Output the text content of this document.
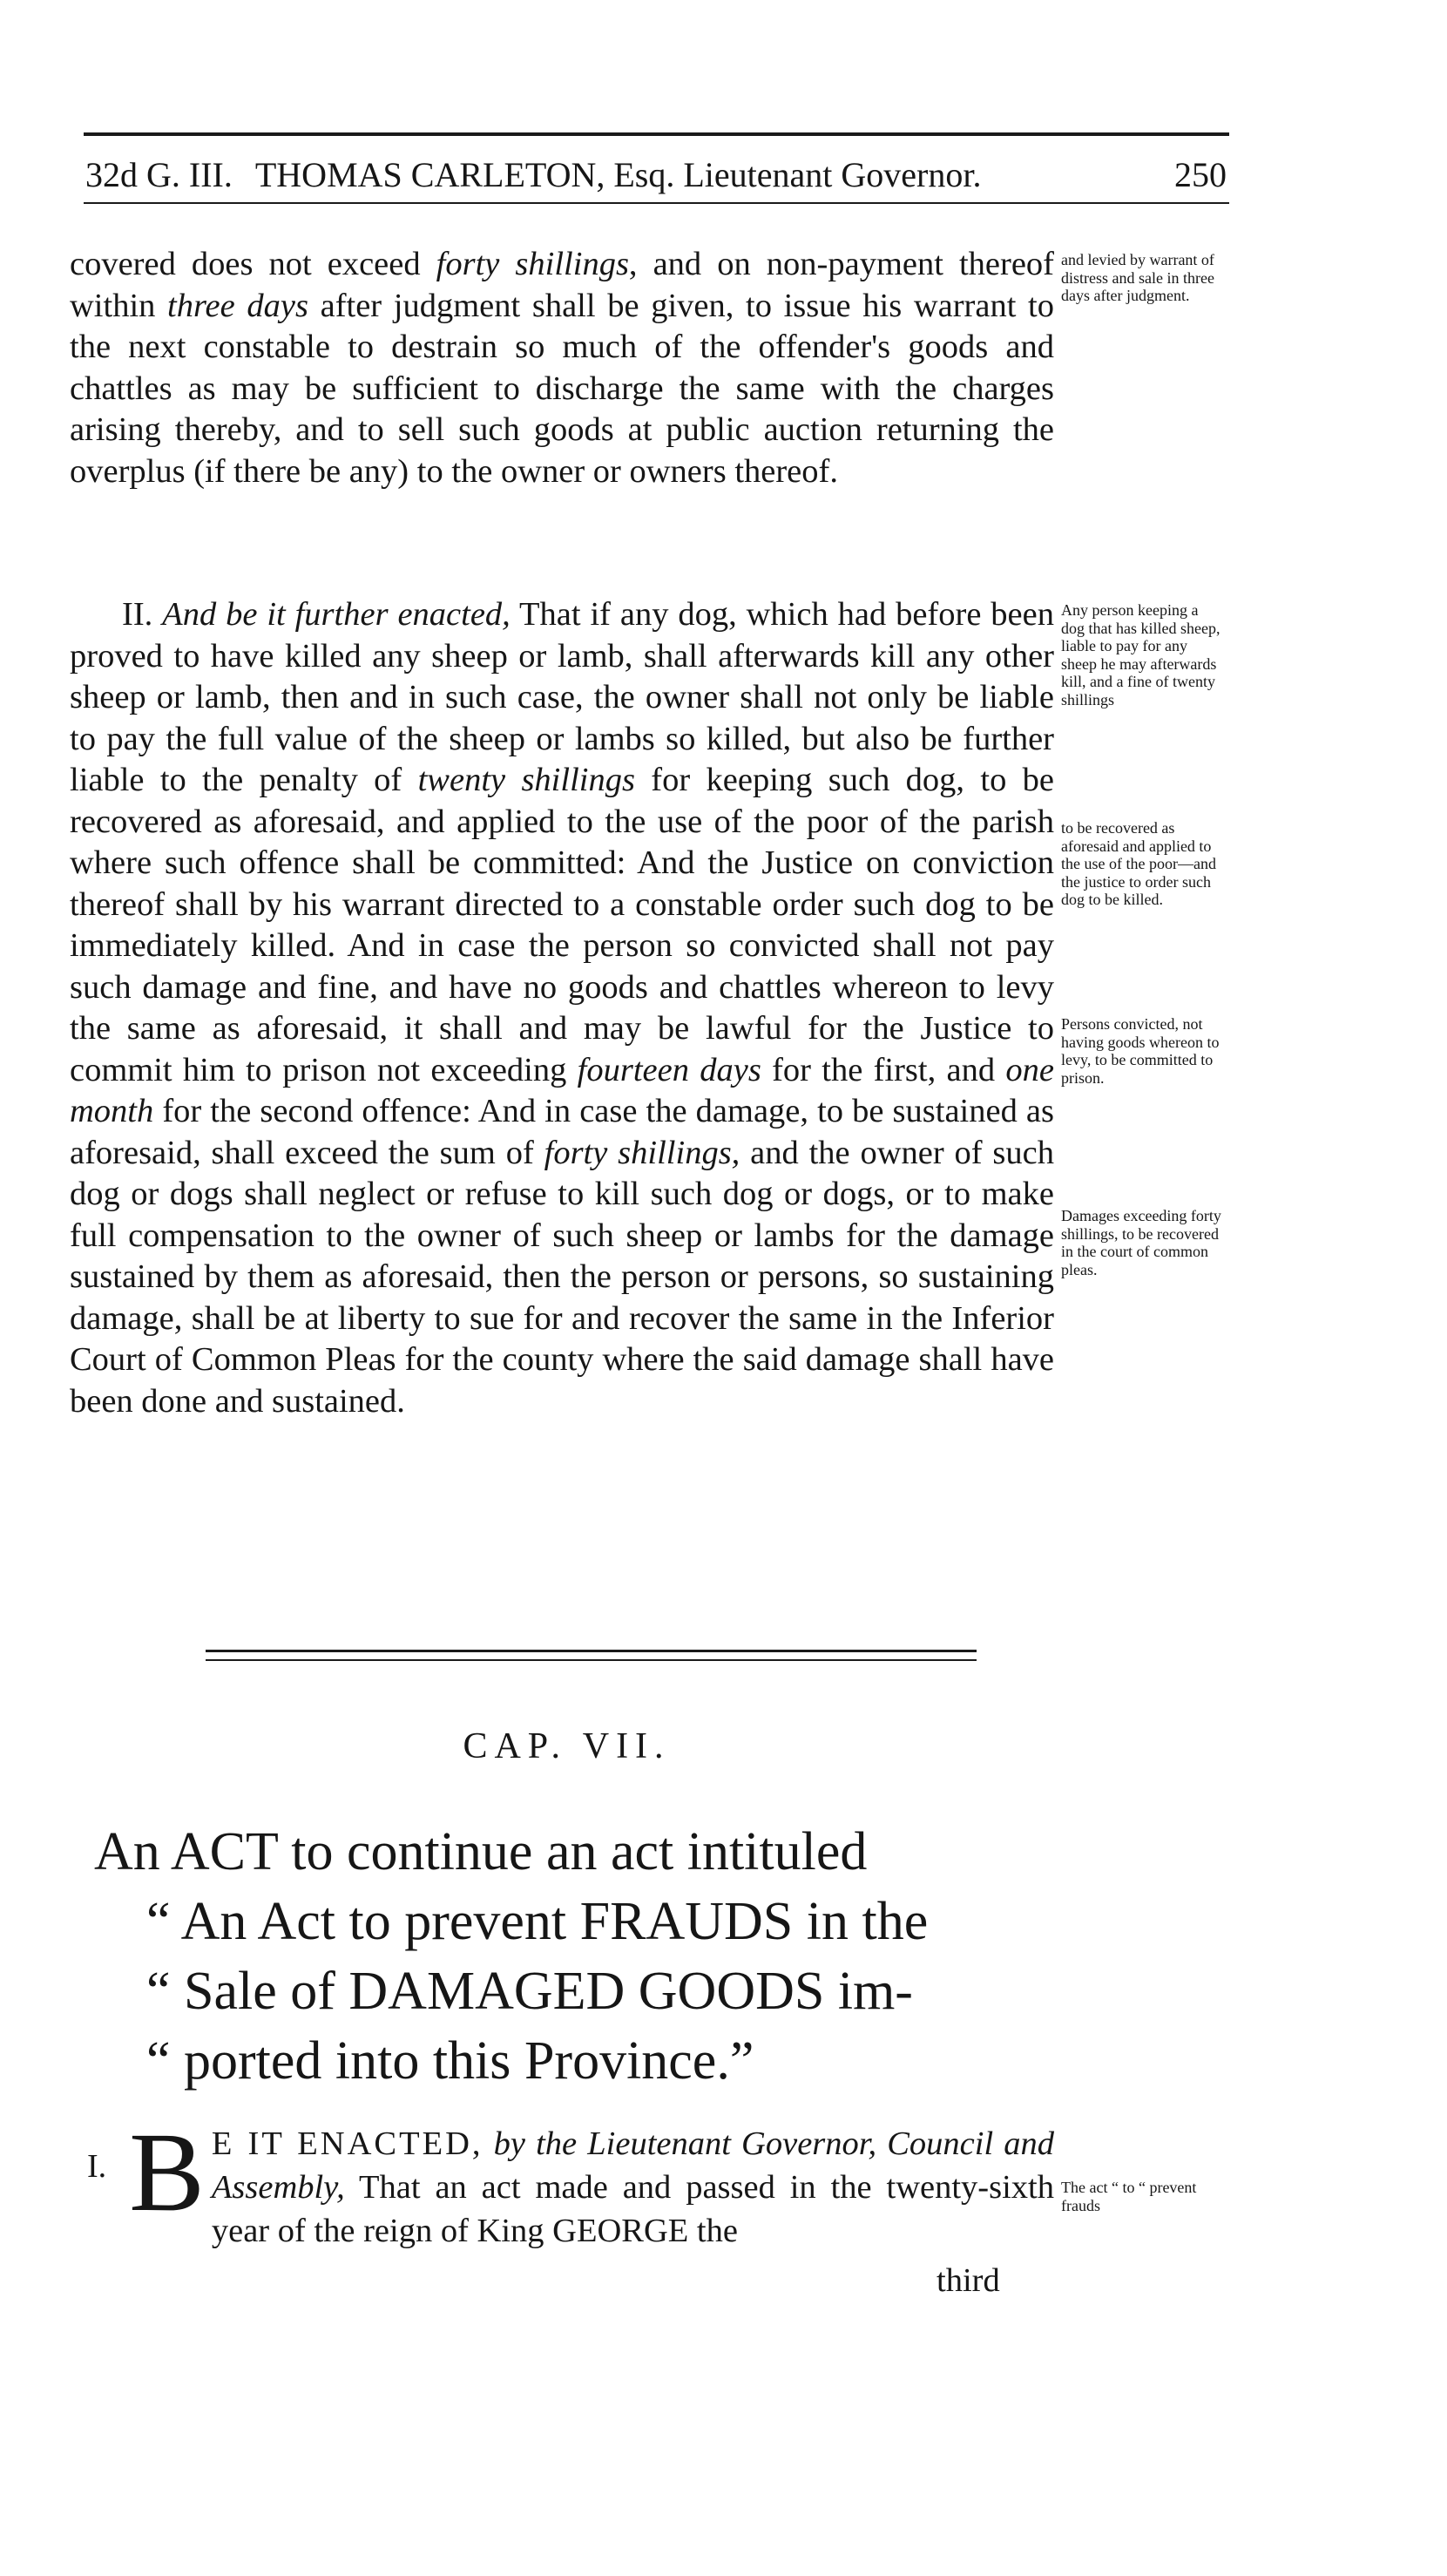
32d G. III. THOMAS CARLETON, Esq. Lieutenant Governor.	250

covered does not exceed forty shillings, and on non-payment thereof within three days after judgment shall be given, to issue his warrant to the next constable to destrain so much of the offender's goods and chattles as may be sufficient to discharge the same with the charges arising thereby, and to sell such goods at public auction returning the overplus (if there be any) to the owner or owners thereof.

and levied by warrant of distress and sale in three days after judgment.

II. And be it further enacted, That if any dog, which had before been proved to have killed any sheep or lamb, shall afterwards kill any other sheep or lamb, then and in such case, the owner shall not only be liable to pay the full value of the sheep or lambs so killed, but also be further liable to the penalty of twenty shillings for keeping such dog, to be recovered as aforesaid, and applied to the use of the poor of the parish where such offence shall be committed: And the Justice on conviction thereof shall by his warrant directed to a constable order such dog to be immediately killed. And in case the person so convicted shall not pay such damage and fine, and have no goods and chattles whereon to levy the same as aforesaid, it shall and may be lawful for the Justice to commit him to prison not exceeding fourteen days for the first, and one month for the second offence: And in case the damage, to be sustained as aforesaid, shall exceed the sum of forty shillings, and the owner of such dog or dogs shall neglect or refuse to kill such dog or dogs, or to make full compensation to the owner of such sheep or lambs for the damage sustained by them as aforesaid, then the person or persons, so sustaining damage, shall be at liberty to sue for and recover the same in the Inferior Court of Common Pleas for the county where the said damage shall have been done and sustained.

Any person keeping a dog that has killed sheep, liable to pay for any sheep he may afterwards kill, and a fine of twenty shillings
to be recovered as aforesaid and applied to the use of the poor—and the justice to order such dog to be killed.
Persons convicted, not having goods whereon to levy, to be committed to prison.
Damages exceeding forty shillings, to be recovered in the court of common pleas.
CAP. VII.
An ACT to continue an act intituled
“ An Act to prevent FRAUDS in the
“ Sale of DAMAGED GOODS im-
“ ported into this Province.”
I. B E IT ENACTED, by the Lieutenant Governor, Council and Assembly, That an act made and passed in the twenty-sixth year of the reign of King GEORGE the
The act “ to “ prevent frauds
third
